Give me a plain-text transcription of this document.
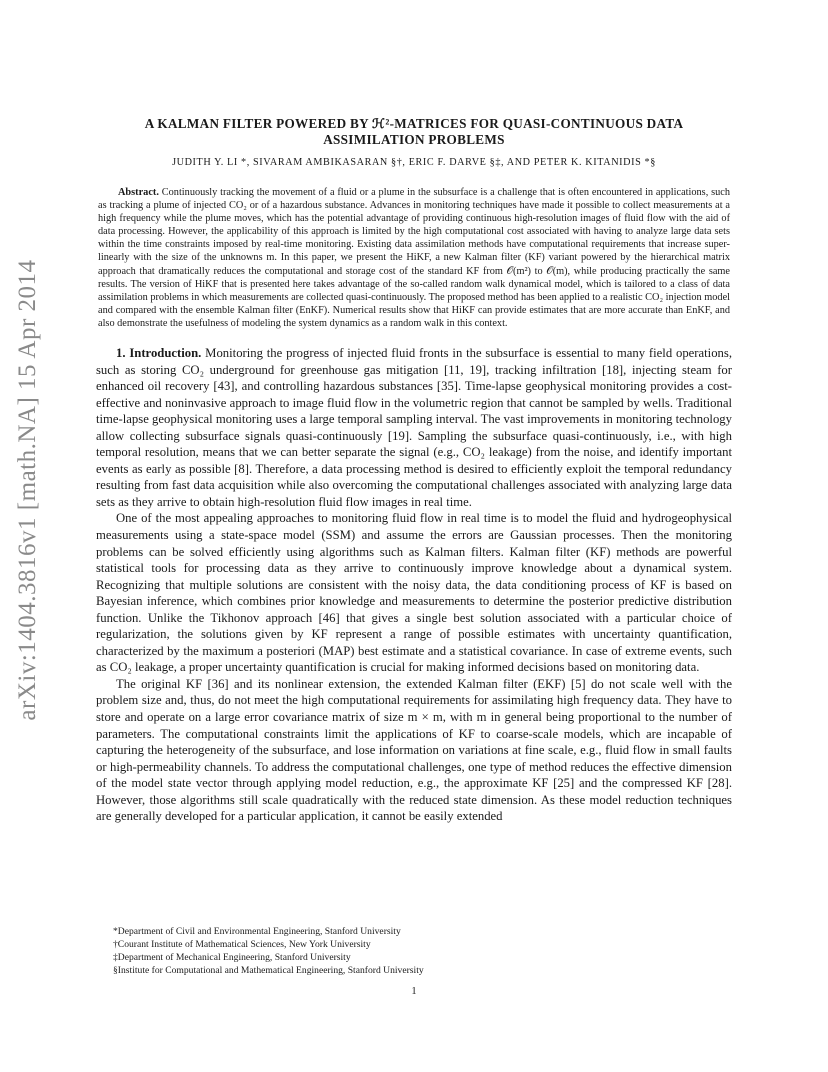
arXiv:1404.3816v1 [math.NA] 15 Apr 2014
A KALMAN FILTER POWERED BY ℋ²-MATRICES FOR QUASI-CONTINUOUS DATA
ASSIMILATION PROBLEMS
JUDITH Y. LI *, SIVARAM AMBIKASARAN §†, ERIC F. DARVE §‡, AND PETER K. KITANIDIS *§

Abstract. Continuously tracking the movement of a fluid or a plume in the subsurface is a challenge that is often encountered in applications, such as tracking a plume of injected CO₂ or of a hazardous substance. Advances in monitoring techniques have made it possible to collect measurements at a high frequency while the plume moves, which has the potential advantage of providing continuous high-resolution images of fluid flow with the aid of data processing. However, the applicability of this approach is limited by the high computational cost associated with having to analyze large data sets within the time constraints imposed by real-time monitoring. Existing data assimilation methods have computational requirements that increase super-linearly with the size of the unknowns m. In this paper, we present the HiKF, a new Kalman filter (KF) variant powered by the hierarchical matrix approach that dramatically reduces the computational and storage cost of the standard KF from 𝒪(m²) to 𝒪(m), while producing practically the same results. The version of HiKF that is presented here takes advantage of the so-called random walk dynamical model, which is tailored to a class of data assimilation problems in which measurements are collected quasi-continuously. The proposed method has been applied to a realistic CO₂ injection model and compared with the ensemble Kalman filter (EnKF). Numerical results show that HiKF can provide estimates that are more accurate than EnKF, and also demonstrate the usefulness of modeling the system dynamics as a random walk in this context.

1. Introduction. Monitoring the progress of injected fluid fronts in the subsurface is essential to many field operations, such as storing CO₂ underground for greenhouse gas mitigation [11, 19], tracking infiltration [18], injecting steam for enhanced oil recovery [43], and controlling hazardous substances [35]. Time-lapse geophysical monitoring provides a cost-effective and noninvasive approach to image fluid flow in the volumetric region that cannot be sampled by wells. Traditional time-lapse geophysical monitoring uses a large temporal sampling interval. The vast improvements in monitoring technology allow collecting subsurface signals quasi-continuously [19]. Sampling the subsurface quasi-continuously, i.e., with high temporal resolution, means that we can better separate the signal (e.g., CO₂ leakage) from the noise, and identify important events as early as possible [8]. Therefore, a data processing method is desired to efficiently exploit the temporal redundancy resulting from fast data acquisition while also overcoming the computational challenges associated with analyzing large data sets as they arrive to obtain high-resolution fluid flow images in real time.

One of the most appealing approaches to monitoring fluid flow in real time is to model the fluid and hydrogeophysical measurements using a state-space model (SSM) and assume the errors are Gaussian processes. Then the monitoring problems can be solved efficiently using algorithms such as Kalman filters. Kalman filter (KF) methods are powerful statistical tools for processing data as they arrive to continuously improve knowledge about a dynamical system. Recognizing that multiple solutions are consistent with the noisy data, the data conditioning process of KF is based on Bayesian inference, which combines prior knowledge and measurements to determine the posterior predictive distribution function. Unlike the Tikhonov approach [46] that gives a single best solution associated with a particular choice of regularization, the solutions given by KF represent a range of possible estimates with uncertainty quantification, characterized by the maximum a posteriori (MAP) best estimate and a statistical covariance. In case of extreme events, such as CO₂ leakage, a proper uncertainty quantification is crucial for making informed decisions based on monitoring data.

The original KF [36] and its nonlinear extension, the extended Kalman filter (EKF) [5] do not scale well with the problem size and, thus, do not meet the high computational requirements for assimilating high frequency data. They have to store and operate on a large error covariance matrix of size m × m, with m in general being proportional to the number of parameters. The computational constraints limit the applications of KF to coarse-scale models, which are incapable of capturing the heterogeneity of the subsurface, and lose information on variations at fine scale, e.g., fluid flow in small faults or high-permeability channels. To address the computational challenges, one type of method reduces the effective dimension of the model state vector through applying model reduction, e.g., the approximate KF [25] and the compressed KF [28]. However, those algorithms still scale quadratically with the reduced state dimension. As these model reduction techniques are generally developed for a particular application, it cannot be easily extended

*Department of Civil and Environmental Engineering, Stanford University
†Courant Institute of Mathematical Sciences, New York University
‡Department of Mechanical Engineering, Stanford University
§Institute for Computational and Mathematical Engineering, Stanford University
1
